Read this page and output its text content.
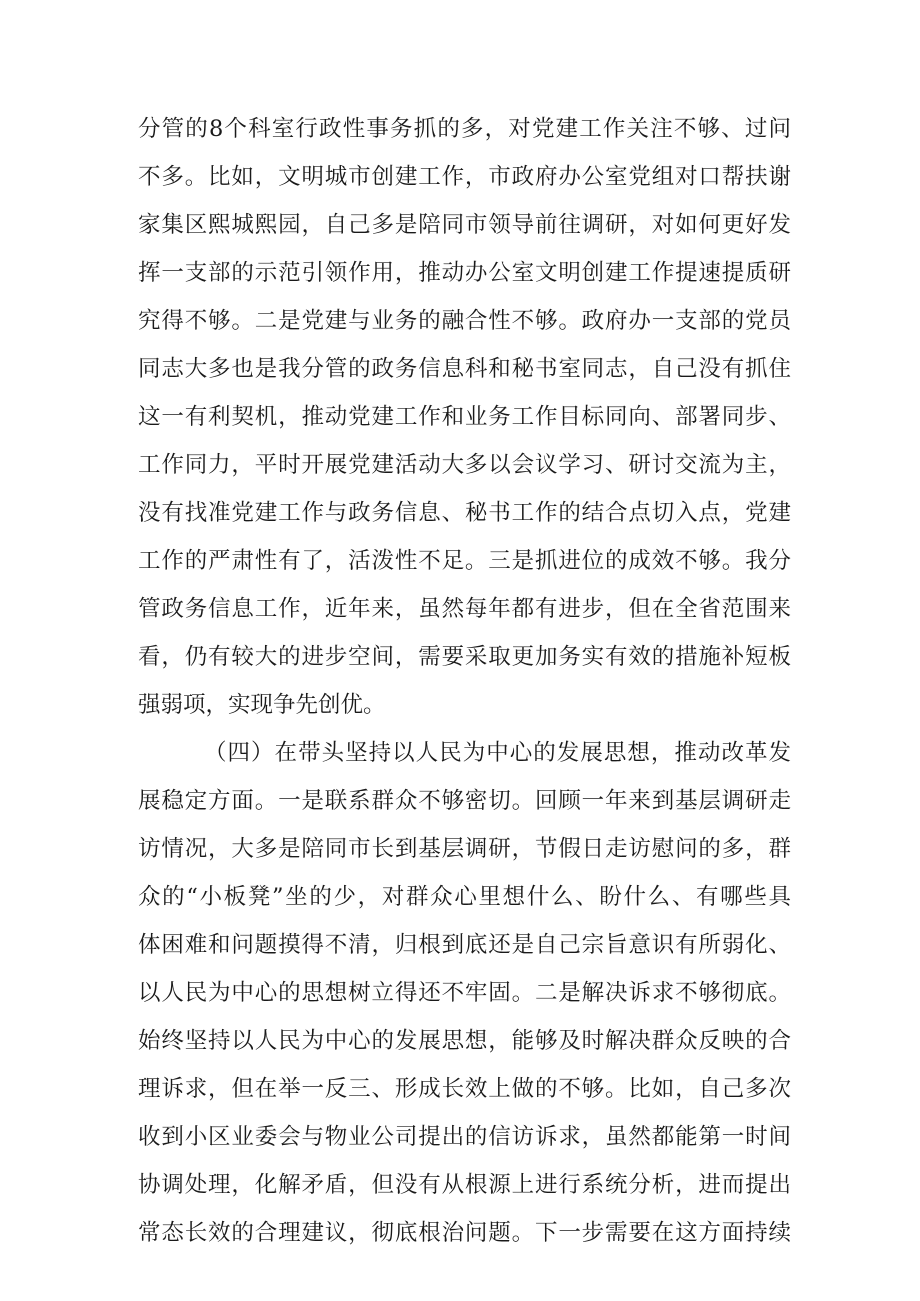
分管的8个科室行政性事务抓的多，对党建工作关注不够、过问
不多。比如，文明城市创建工作，市政府办公室党组对口帮扶谢
家集区熙城熙园，自己多是陪同市领导前往调研，对如何更好发
挥一支部的示范引领作用，推动办公室文明创建工作提速提质研
究得不够。二是党建与业务的融合性不够。政府办一支部的党员
同志大多也是我分管的政务信息科和秘书室同志，自己没有抓住
这一有利契机，推动党建工作和业务工作目标同向、部署同步、
工作同力，平时开展党建活动大多以会议学习、研讨交流为主，
没有找准党建工作与政务信息、秘书工作的结合点切入点，党建
工作的严肃性有了，活泼性不足。三是抓进位的成效不够。我分
管政务信息工作，近年来，虽然每年都有进步，但在全省范围来
看，仍有较大的进步空间，需要采取更加务实有效的措施补短板
强弱项，实现争先创优。
（四）在带头坚持以人民为中心的发展思想，推动改革发
展稳定方面。一是联系群众不够密切。回顾一年来到基层调研走
访情况，大多是陪同市长到基层调研，节假日走访慰问的多，群
众的“小板凳”坐的少，对群众心里想什么、盼什么、有哪些具
体困难和问题摸得不清，归根到底还是自己宗旨意识有所弱化、
以人民为中心的思想树立得还不牢固。二是解决诉求不够彻底。
始终坚持以人民为中心的发展思想，能够及时解决群众反映的合
理诉求，但在举一反三、形成长效上做的不够。比如，自己多次
收到小区业委会与物业公司提出的信访诉求，虽然都能第一时间
协调处理，化解矛盾，但没有从根源上进行系统分析，进而提出
常态长效的合理建议，彻底根治问题。下一步需要在这方面持续
